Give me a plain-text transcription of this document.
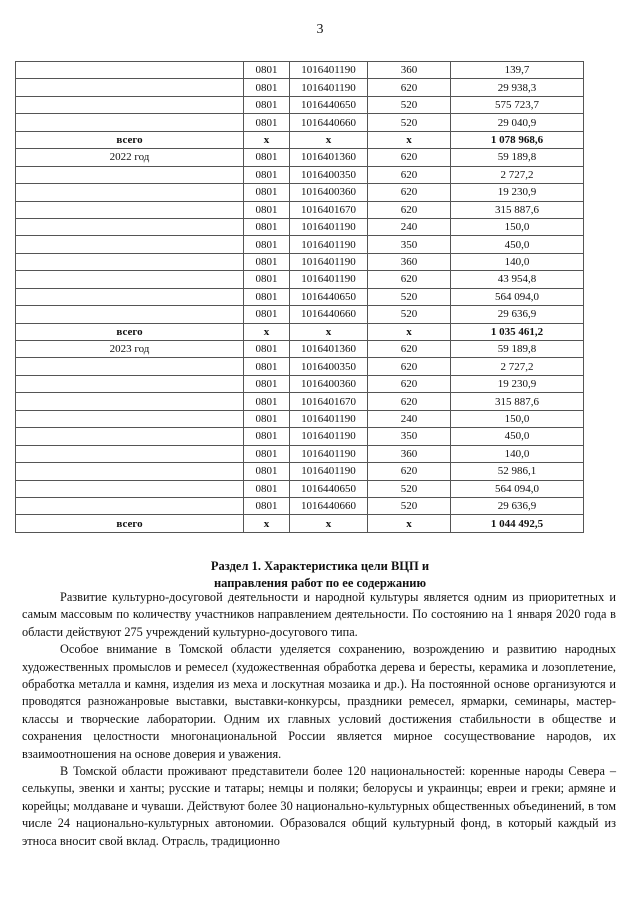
3
	0801	1016401190	360	139,7
	0801	1016401190	620	29 938,3
	0801	1016440650	520	575 723,7
	0801	1016440660	520	29 040,9
всего	х	х	х	1 078 968,6
2022 год	0801	1016401360	620	59 189,8
	0801	1016400350	620	2 727,2
	0801	1016400360	620	19 230,9
	0801	1016401670	620	315 887,6
	0801	1016401190	240	150,0
	0801	1016401190	350	450,0
	0801	1016401190	360	140,0
	0801	1016401190	620	43 954,8
	0801	1016440650	520	564 094,0
	0801	1016440660	520	29 636,9
всего	х	х	х	1 035 461,2
2023 год	0801	1016401360	620	59 189,8
	0801	1016400350	620	2 727,2
	0801	1016400360	620	19 230,9
	0801	1016401670	620	315 887,6
	0801	1016401190	240	150,0
	0801	1016401190	350	450,0
	0801	1016401190	360	140,0
	0801	1016401190	620	52 986,1
	0801	1016440650	520	564 094,0
	0801	1016440660	520	29 636,9
всего	х	х	х	1 044 492,5
Раздел 1. Характеристика цели ВЦП и
направления работ по ее содержанию

Развитие культурно-досуговой деятельности и народной культуры является одним из приоритетных и самым массовым по количеству участников направлением деятельности. По состоянию на 1 января 2020 года в области действуют 275 учреждений культурно-досугового типа.

Особое внимание в Томской области уделяется сохранению, возрождению и развитию народных художественных промыслов и ремесел (художественная обработка дерева и бересты, керамика и лозоплетение, обработка металла и камня, изделия из меха и лоскутная мозаика и др.). На постоянной основе организуются и проводятся разножанровые выставки, выставки-конкурсы, праздники ремесел, ярмарки, семинары, мастер-классы и творческие лаборатории. Одним их главных условий достижения стабильности в обществе и сохранения целостности многонациональной России является мирное сосуществование народов, их взаимоотношения на основе доверия и уважения.

В Томской области проживают представители более 120 национальностей: коренные народы Севера – селькупы, эвенки и ханты; русские и татары; немцы и поляки; белорусы и украинцы; евреи и греки; армяне и корейцы; молдаване и чуваши. Действуют более 30 национально-культурных общественных объединений, в том числе 24 национально-культурных автономии. Образовался общий культурный фонд, в который каждый из этноса вносит свой вклад. Отрасль, традиционно
